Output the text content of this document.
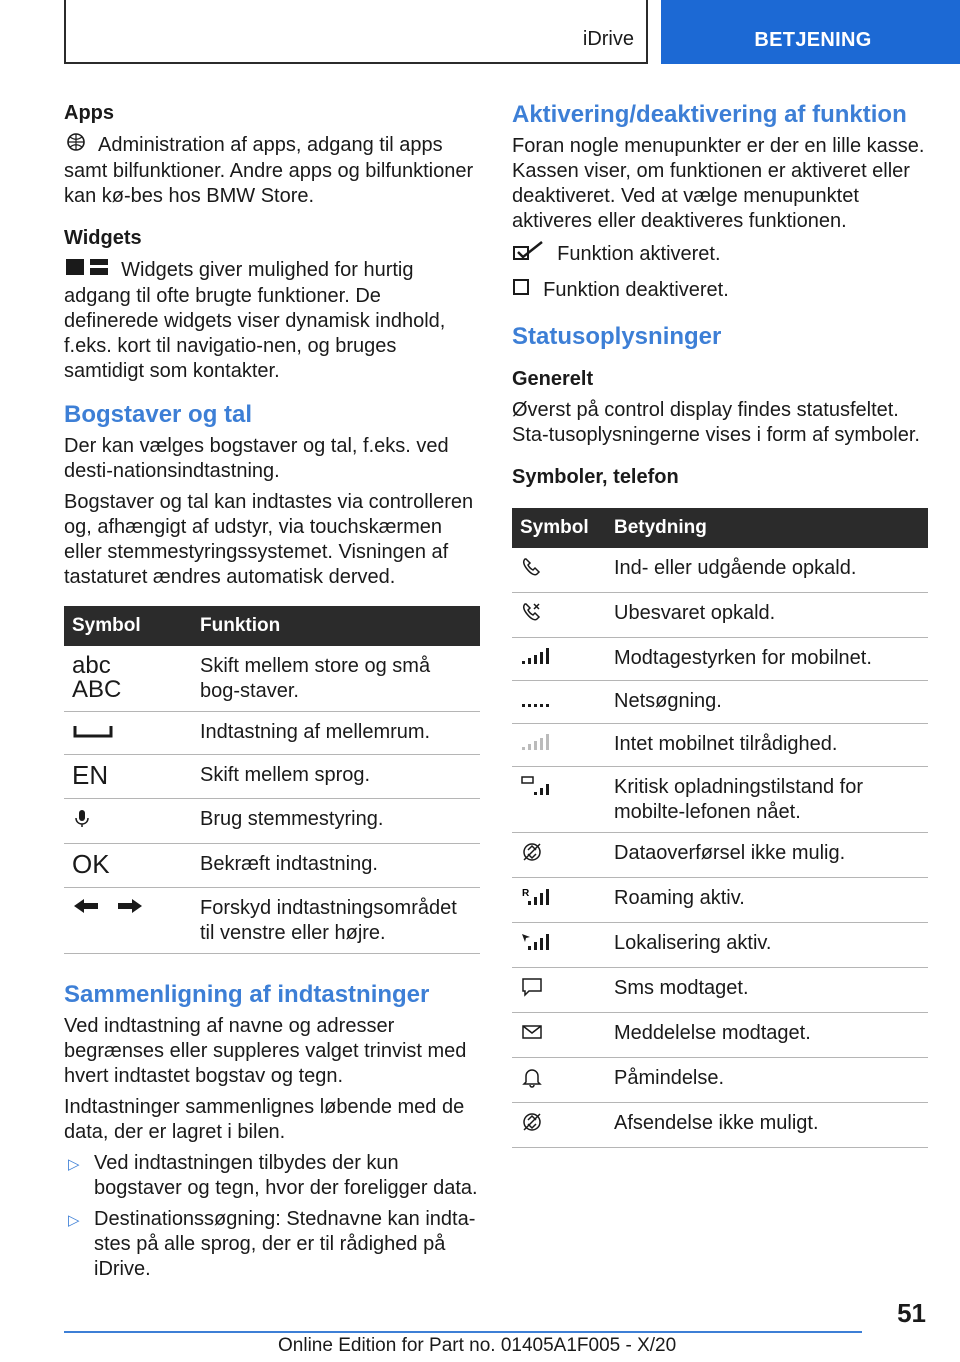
iDrive	BETJENING
Apps

Administration af apps, adgang til apps samt bilfunktioner. Andre apps og bilfunktioner kan kø-bes hos BMW Store.

Widgets

Widgets giver mulighed for hurtig adgang til ofte brugte funktioner. De definerede widgets viser dynamisk indhold, f.eks. kort til navigatio-nen, og bruges samtidigt som kontakter.

Bogstaver og tal

Der kan vælges bogstaver og tal, f.eks. ved desti-nationsindtastning.

Bogstaver og tal kan indtastes via controlleren og, afhængigt af udstyr, via touchskærmen eller stemmestyringssystemet. Visningen af tastaturet ændres automatisk derved.

Symbol	Funktion

abc
ABC	Skift mellem store og små bog-staver.
	Indtastning af mellemrum.
EN	Skift mellem sprog.
	Brug stemmestyring.
OK	Bekræft indtastning.
	Forskyd indtastningsområdet til venstre eller højre.
Sammenligning af indtastninger

Ved indtastning af navne og adresser begrænses eller suppleres valget trinvist med hvert indtastet bogstav og tegn.

Indtastninger sammenlignes løbende med de data, der er lagret i bilen.

▷ Ved indtastningen tilbydes der kun bogstaver og tegn, hvor der foreligger data.
▷ Destinationssøgning: Stednavne kan indta-stes på alle sprog, der er til rådighed på iDrive.
Aktivering/deaktivering af funktion

Foran nogle menupunkter er der en lille kasse. Kassen viser, om funktionen er aktiveret eller deaktiveret. Ved at vælge menupunktet aktiveres eller deaktiveres funktionen.

Funktion aktiveret.
Funktion deaktiveret.
Statusoplysninger
Generelt

Øverst på control display findes statusfeltet. Sta-tusoplysningerne vises i form af symboler.

Symboler, telefon
Symbol	Betydning
	Ind- eller udgående opkald.
	Ubesvaret opkald.
	Modtagestyrken for mobilnet.
	Netsøgning.
	Intet mobilnet tilrådighed.
	Kritisk opladningstilstand for mobilte-lefonen nået.
	Dataoverførsel ikke mulig.

R	Roaming aktiv.
	Lokalisering aktiv.
	Sms modtaget.
	Meddelelse modtaget.
	Påmindelse.
	Afsendelse ikke muligt.
51
Online Edition for Part no. 01405A1F005 - X/20
